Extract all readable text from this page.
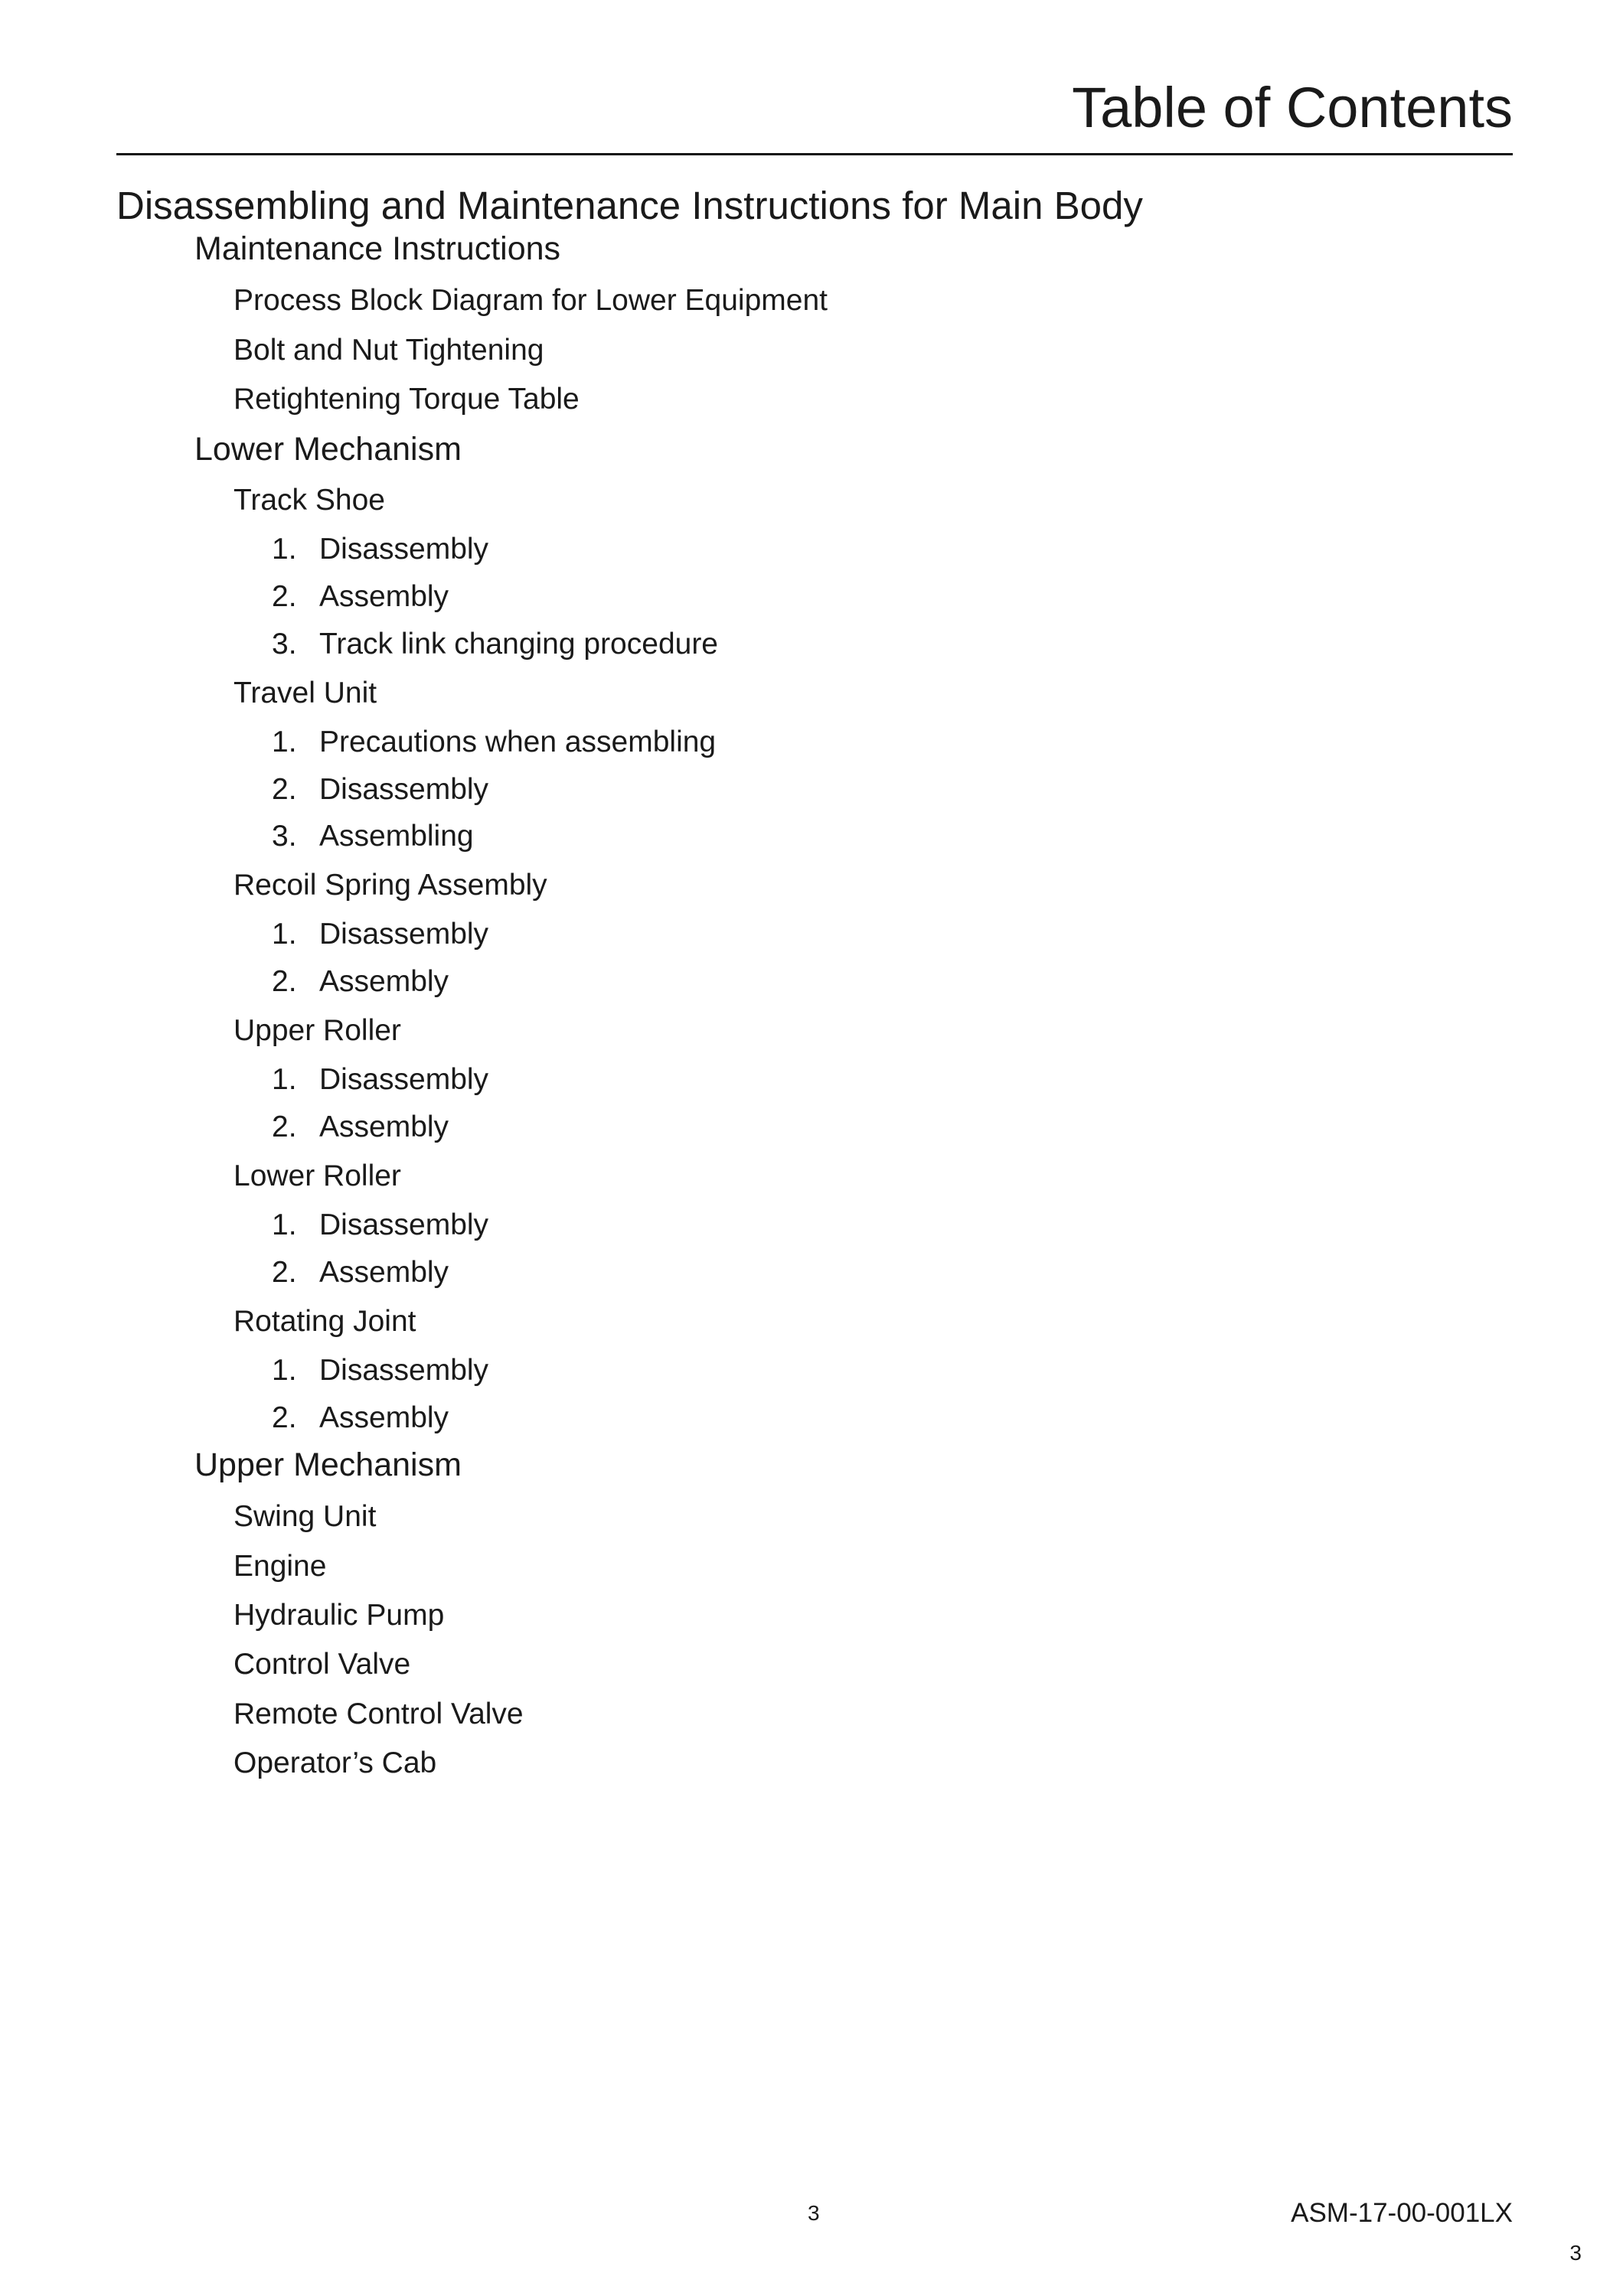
Table of Contents
Disassembling and Maintenance Instructions for Main Body
Maintenance Instructions
Process Block Diagram for Lower Equipment
Bolt and Nut Tightening
Retightening Torque Table
Lower Mechanism
Track Shoe
1. Disassembly
2. Assembly
3. Track link changing procedure
Travel Unit
1. Precautions when assembling
2. Disassembly
3. Assembling
Recoil Spring Assembly
1. Disassembly
2. Assembly
Upper Roller
1. Disassembly
2. Assembly
Lower Roller
1. Disassembly
2. Assembly
Rotating Joint
1. Disassembly
2. Assembly
Upper Mechanism
Swing Unit
Engine
Hydraulic Pump
Control Valve
Remote Control Valve
Operator’s Cab
3	ASM-17-00-001LX
3
